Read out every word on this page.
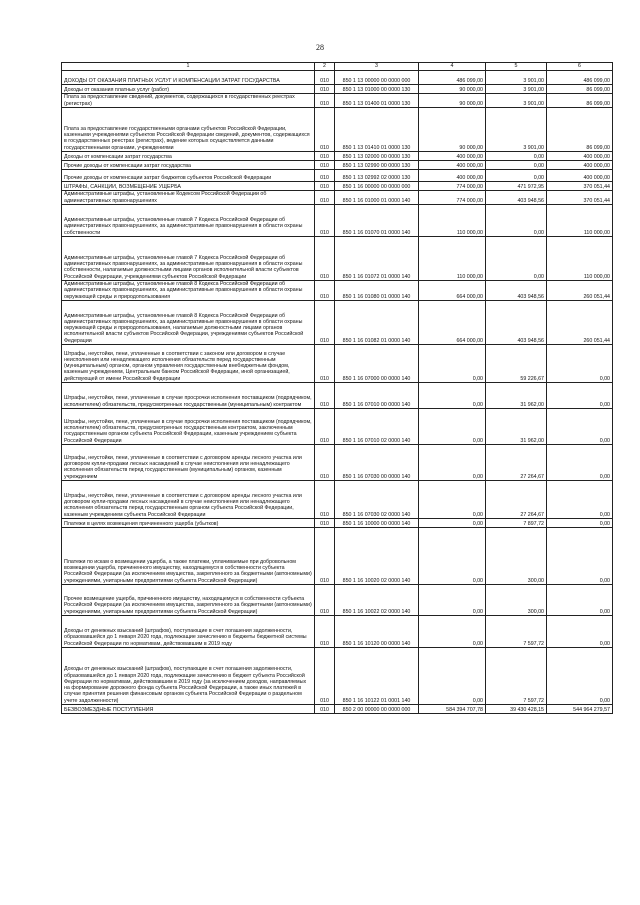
28
1	2	3	4	5	6
ДОХОДЫ ОТ ОКАЗАНИЯ ПЛАТНЫХ УСЛУГ И КОМПЕНСАЦИИ ЗАТРАТ ГОСУДАРСТВА	010	850 1 13 00000 00 0000 000	486 099,00	3 901,00	486 099,00
Доходы от оказания платных услуг (работ)	010	850 1 13 01000 00 0000 130	90 000,00	3 901,00	86 099,00
Плата за предоставление сведений, документов, содержащихся в государственных реестрах (регистрах)	010	850 1 13 01400 01 0000 130	90 000,00	3 901,00	86 099,00
Плата за предоставление государственными органами субъектов Российской Федерации, казенными учреждениями субъектов Российской Федерации сведений, документов, содержащихся в государственных реестрах (регистрах), ведение которых осуществляется данными государственными органами, учреждениями	010	850 1 13 01410 01 0000 130	90 000,00	3 901,00	86 099,00
Доходы от компенсации затрат государства	010	850 1 13 02000 00 0000 130	400 000,00	0,00	400 000,00
Прочие доходы от компенсации затрат государства	010	850 1 13 02990 00 0000 130	400 000,00	0,00	400 000,00
Прочие доходы от компенсации затрат бюджетов субъектов Российской Федерации	010	850 1 13 02992 02 0000 130	400 000,00	0,00	400 000,00
ШТРАФЫ, САНКЦИИ, ВОЗМЕЩЕНИЕ УЩЕРБА	010	850 1 16 00000 00 0000 000	774 000,00	471 972,95	370 051,44
Административные штрафы, установленные Кодексом Российской Федерации об административных правонарушениях	010	850 1 16 01000 01 0000 140	774 000,00	403 948,56	370 051,44
Административные штрафы, установленные главой 7 Кодекса Российской Федерации об административных правонарушениях, за административные правонарушения в области охраны собственности	010	850 1 16 01070 01 0000 140	110 000,00	0,00	110 000,00
Административные штрафы, установленные главой 7 Кодекса Российской Федерации об административных правонарушениях, за административные правонарушения в области охраны собственности, налагаемые должностными лицами органов исполнительной власти субъектов Российской Федерации, учреждениями субъектов Российской Федерации	010	850 1 16 01072 01 0000 140	110 000,00	0,00	110 000,00
Административные штрафы, установленные главой 8 Кодекса Российской Федерации об административных правонарушениях, за административные правонарушения в области охраны окружающей среды и природопользования	010	850 1 16 01080 01 0000 140	664 000,00	403 948,56	260 051,44
Административные штрафы, установленные главой 8 Кодекса Российской Федерации об административных правонарушениях, за административные правонарушения в области охраны окружающей среды и природопользования, налагаемые должностными лицами органов исполнительной власти субъектов Российской Федерации, учреждениями субъектов Российской Федерации	010	850 1 16 01082 01 0000 140	664 000,00	403 948,56	260 051,44
Штрафы, неустойки, пени, уплаченные в соответствии с законом или договором в случае неисполнения или ненадлежащего исполнения обязательств перед государственным (муниципальным) органом, органом управления государственным внебюджетным фондом, казенным учреждением, Центральным банком Российской Федерации, иной организацией, действующей от имени Российской Федерации	010	850 1 16 07000 00 0000 140	0,00	59 226,67	0,00
Штрафы, неустойки, пени, уплаченные в случае просрочки исполнения поставщиком (подрядчиком, исполнителем) обязательств, предусмотренных государственным (муниципальным) контрактом	010	850 1 16 07010 00 0000 140	0,00	31 962,00	0,00
Штрафы, неустойки, пени, уплаченные в случае просрочки исполнения поставщиком (подрядчиком, исполнителем) обязательств, предусмотренных государственным контрактом, заключенным государственным органом субъекта Российской Федерации, казенным учреждением субъекта Российской Федерации	010	850 1 16 07010 02 0000 140	0,00	31 962,00	0,00
Штрафы, неустойки, пени, уплаченные в соответствии с договором аренды лесного участка или договором купли-продажи лесных насаждений в случае неисполнения или ненадлежащего исполнения обязательств перед государственным (муниципальным) органом, казенным учреждением	010	850 1 16 07030 00 0000 140	0,00	27 264,67	0,00
Штрафы, неустойки, пени, уплаченные в соответствии с договором аренды лесного участка или договором купли-продажи лесных насаждений в случае неисполнения или ненадлежащего исполнения обязательств перед государственным органом субъекта Российской Федерации, казенным учреждением субъекта Российской Федерации	010	850 1 16 07030 02 0000 140	0,00	27 264,67	0,00
Платежи в целях возмещения причиненного ущерба (убытков)	010	850 1 16 10000 00 0000 140	0,00	7 897,72	0,00
Платежи по искам о возмещении ущерба, а также платежи, уплачиваемые при добровольном возмещении ущерба, причиненного имуществу, находящемуся в собственности субъекта Российской Федерации (за исключением имущества, закрепленного за бюджетными (автономными) учреждениями, унитарными предприятиями субъекта Российской Федерации)	010	850 1 16 10020 02 0000 140	0,00	300,00	0,00
Прочее возмещение ущерба, причиненного имуществу, находящемуся в собственности субъекта Российской Федерации (за исключением имущества, закрепленного за бюджетными (автономными) учреждениями, унитарными предприятиями субъекта Российской Федерации)	010	850 1 16 10022 02 0000 140	0,00	300,00	0,00
Доходы от денежных взысканий (штрафов), поступающие в счет погашения задолженности, образовавшейся до 1 января 2020 года, подлежащие зачислению в бюджеты бюджетной системы Российской Федерации по нормативам, действовавшим в 2019 году	010	850 1 16 10120 00 0000 140	0,00	7 597,72	0,00
Доходы от денежных взысканий (штрафов), поступающие в счет погашения задолженности, образовавшейся до 1 января 2020 года, подлежащие зачислению в бюджет субъекта Российской Федерации по нормативам, действовавшим в 2019 году (за исключением доходов, направляемых на формирование дорожного фонда субъекта Российской Федерации, а также иных платежей в случае принятия решения финансовым органом субъекта Российской Федерации о раздельном учете задолженности)	010	850 1 16 10122 01 0001 140	0,00	7 597,72	0,00
БЕЗВОЗМЕЗДНЫЕ ПОСТУПЛЕНИЯ	010	850 2 00 00000 00 0000 000	584 394 707,78	39 430 428,15	544 964 279,57
